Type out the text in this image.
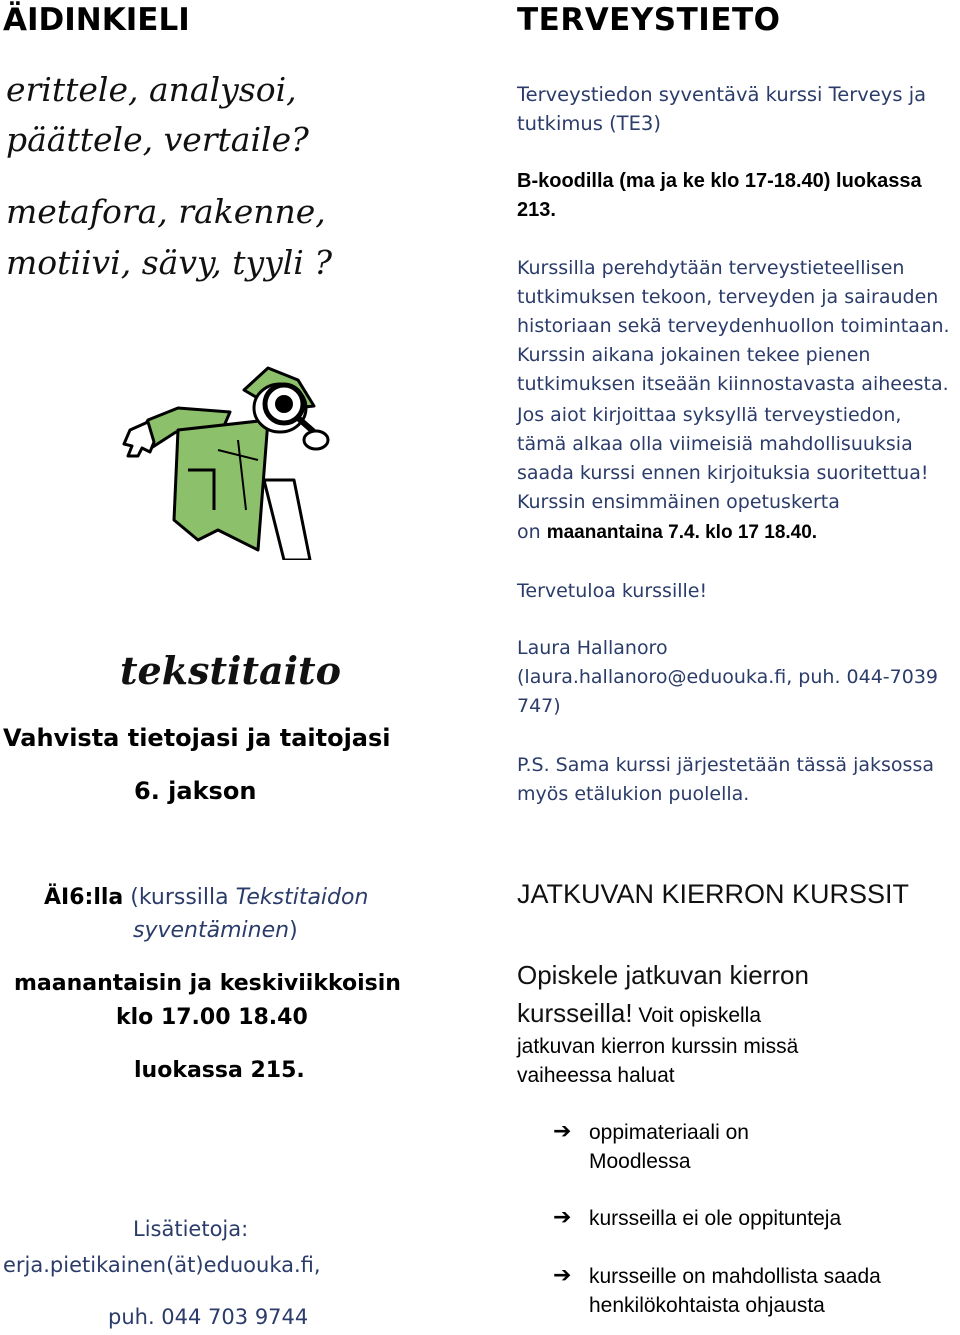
ÄIDINKIELI
erittele, analysoi,
päättele, vertaile?
metafora, rakenne,
motiivi, sävy, tyyli ?
tekstitaito
Vahvista tietojasi ja taitojasi
6. jakson
TERVEYSTIETO
Terveystiedon syventävä kurssi Terveys ja
tutkimus (TE3)
B-koodilla (ma ja ke klo 17-18.40) luokassa
213.
Kurssilla perehdytään terveystieteellisen
tutkimuksen tekoon, terveyden ja sairauden
historiaan sekä terveydenhuollon toimintaan.
Kurssin aikana jokainen tekee pienen
tutkimuksen itseään kiinnostavasta aiheesta.
Jos aiot kirjoittaa syksyllä terveystiedon,
tämä alkaa olla viimeisiä mahdollisuuksia
saada kurssi ennen kirjoituksia suoritettua!
Kurssin ensimmäinen opetuskerta
on maanantaina 7.4. klo 17 18.40.
Tervetuloa kurssille!
Laura Hallanoro
(laura.hallanoro@eduouka.fi, puh. 044-7039
747)
P.S. Sama kurssi järjestetään tässä jaksossa
myös etälukion puolella.
ÄI6:lla (kurssilla Tekstitaidon
syventäminen)
maanantaisin ja keskiviikkoisin
klo 17.00 18.40
luokassa 215.
Lisätietoja:
erja.pietikainen(ät)eduouka.fi,
puh. 044 703 9744
JATKUVAN KIERRON KURSSIT
Opiskele jatkuvan kierron
kursseilla! Voit opiskella
jatkuvan kierron kurssin missä
vaiheessa haluat
➔ oppimateriaali on
Moodlessa
➔ kursseilla ei ole oppitunteja
➔ kursseille on mahdollista saada
henkilökohtaista ohjausta
